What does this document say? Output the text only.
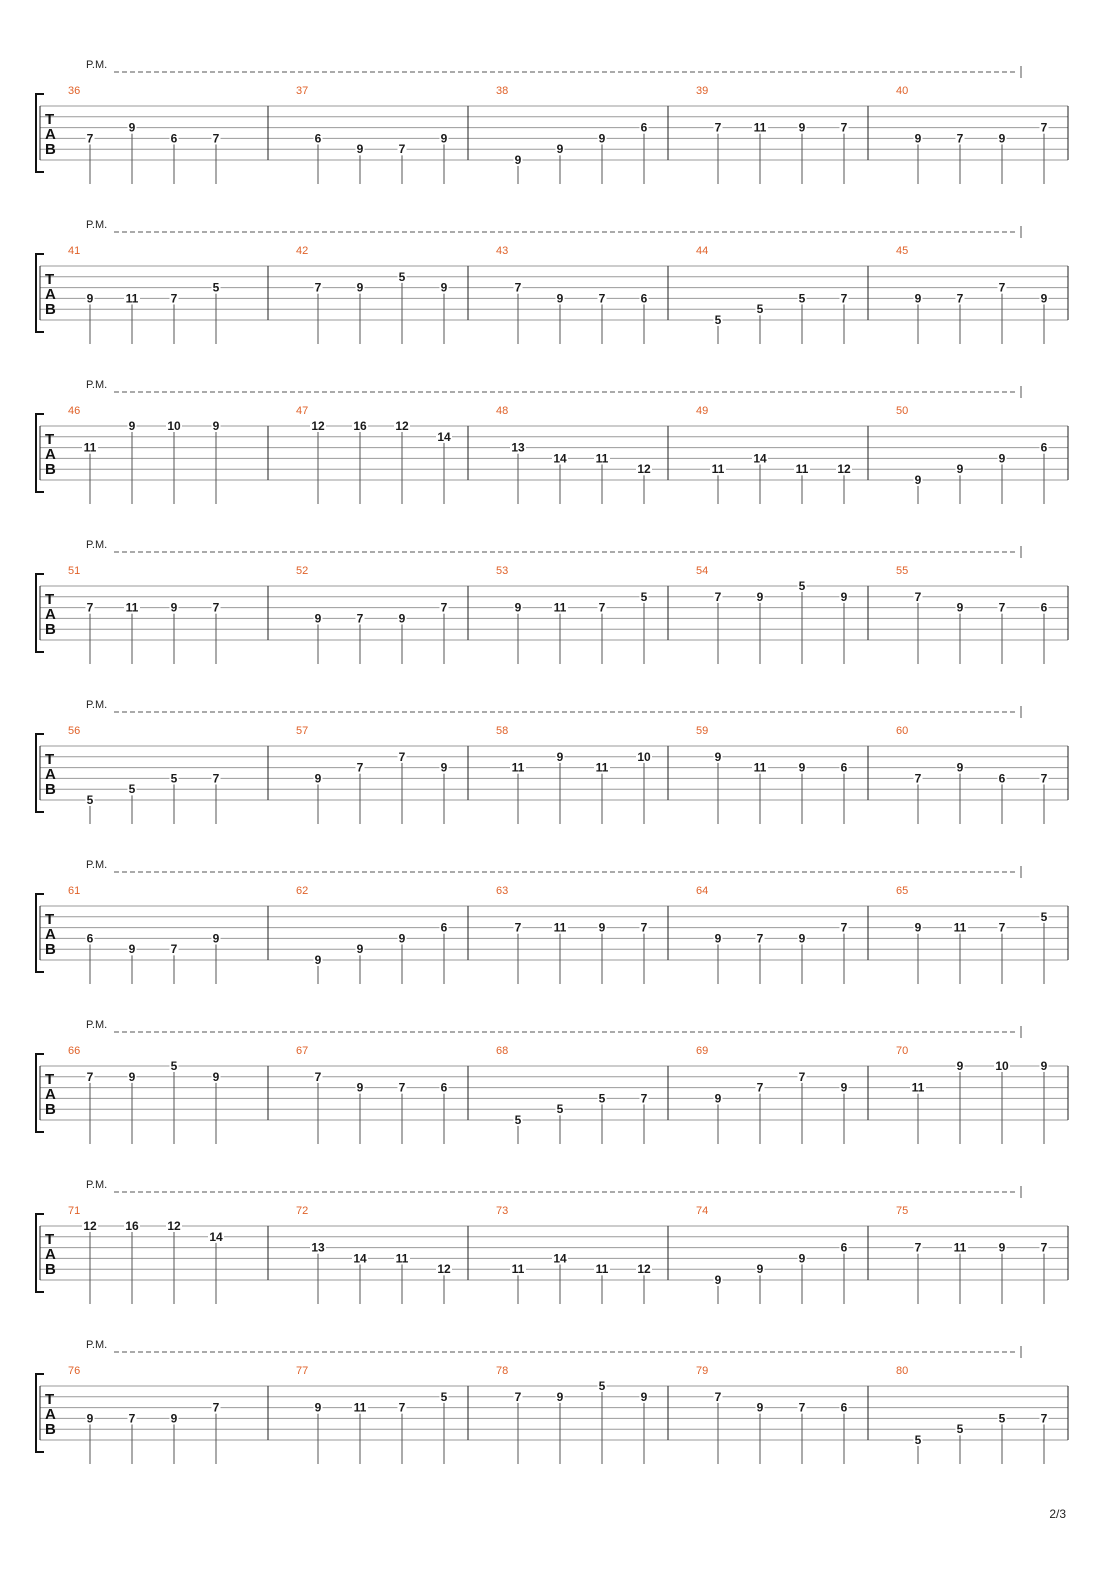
P.M.
T
A
B
36
7
9
6	7
37
6
9	7
9
38
9
9
9
6
39
7	11	9	7
40
9	7	9
7
P.M.
T
A
B
41
9	11	7
5
42
7	9
5
9
43
7
9	7	6
44
5
5
5	7
45
9	7
7
9
P.M.
T
A
B
46
11
9	10	9
47
12 16 12
14
48
13
14 11
12
49
11
14
11 12
50
9
9
9
6
P.M.
T
A
B
51
7	11	9	7
52
9	7	9
7
53
9	11	7
5
54
7	9
5
9
55
7
9	7	6
P.M.
T
A
B
56
5
5
5	7
57
9
7
7
9
58
11
9
11
10
59
9
11	9	6
60
7
9
6	7
P.M.
T
A
B
61
6
9	7
9
62
9
9
9
6
63
7	11	9	7
64
9	7	9
7
65
9	11	7
5
P.M.
T
A
B
66
7	9
5
9
67
7
9	7	6
68
5
5
5	7
69
9
7
7
9
70
11
9	10	9
P.M.
T
A
B
71
12 16 12
14
72
13
14 11
12
73
11
14
11 12
74
9
9
9
6
75
7	11	9	7
P.M.
T
A
B
76
9	7	9
7
77
9	11	7
5
78
7	9
5
9
79
7
9	7	6
80
5
5
5	7
2/3
